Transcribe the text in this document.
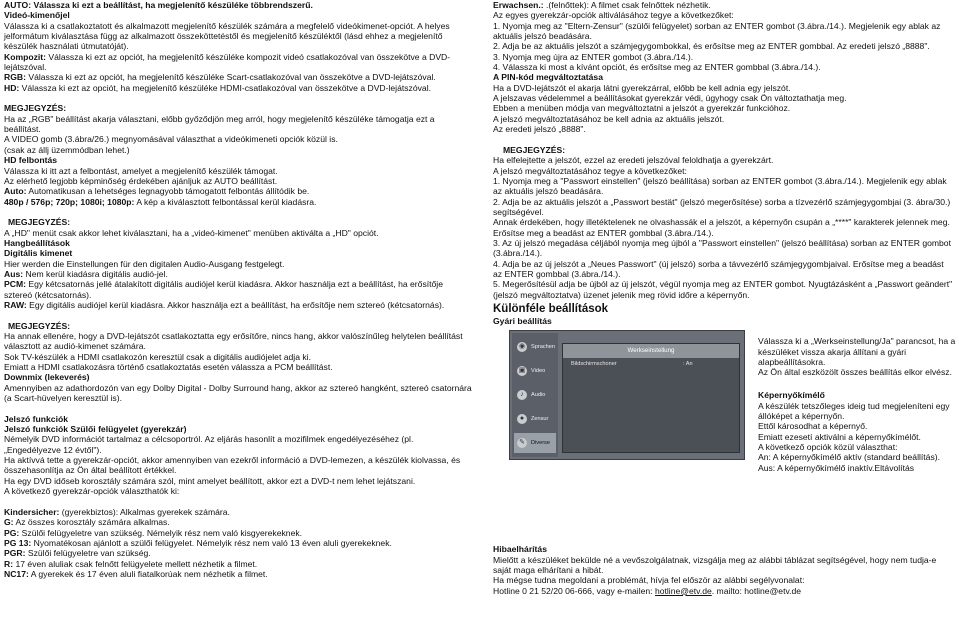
AUTO: Válassza ki ezt a beállítást, ha megjelenítő készüléke többrendszerű.

Videó-kimenőjel

Válassza ki a csatlakoztatott és alkalmazott megjelenítő készülék számára a megfelelő videókimenet-opciót. A helyes jelformátum kiválasztása függ az alkalmazott összeköttetéstől és megjelenítő készüléktől (lásd ehhez a megjelenítő készülék használati útmutatóját).

Kompozit: Válassza ki ezt az opciót, ha megjelenítő készüléke kompozit videó csatlakozóval van összekötve a DVD-lejátszóval.

RGB: Válassza ki ezt az opciót, ha megjelenítő készüléke Scart-csatlakozóval van összekötve a DVD-lejátszóval.

HD: Válassza ki ezt az opciót, ha megjelenítő készüléke HDMI-csatlakozóval van összekötve a DVD-lejátszóval.

MEGJEGYZÉS:

Ha az „RGB" beállítást akarja választani, előbb győződjön meg arról, hogy megjelenítő készüléke támogatja ezt a beállítást.

A VIDEO gomb (3.ábra/26.) megnyomásával választhat a videókimeneti opciók közül is.

(csak az állj üzemmódban lehet.)

HD felbontás

Válassza ki itt azt a felbontást, amelyet a megjelenítő készülék támogat.

Az elérhető legjobb képminőség érdekében ajánljuk az AUTO beállítást.

Auto: Automatikusan a lehetséges legnagyobb támogatott felbontás állítódik be.

480p / 576p; 720p; 1080i; 1080p: A kép a kiválasztott felbontással kerül kiadásra.

MEGJEGYZÉS:

A „HD" menüt csak akkor lehet kiválasztani, ha a „videó-kimenet" menüben aktiválta a „HD" opciót.

Hangbeállítások

Digitális kimenet

Hier werden die Einstellungen für den digitalen Audio-Ausgang festgelegt.

Aus: Nem kerül kiadásra digitális audió-jel.

PCM: Egy kétcsatornás jellé átalakított digitális audiójel kerül kiadásra. Akkor használja ezt a beállítást, ha erősítője sztereó (kétcsatornás).

RAW: Egy digitális audiójel kerül kiadásra. Akkor használja ezt a beállítást, ha erősítője nem sztereó (kétcsatornás).

MEGJEGYZÉS:

Ha annak ellenére, hogy a DVD-lejátszót csatlakoztatta egy erősítőre, nincs hang, akkor valószínűleg helytelen beállítást választott az audió-kimenet számára.

Sok TV-készülék a HDMI csatlakozón keresztül csak a digitális audiójelet adja ki.

Emiatt a HDMI csatlakozásra történő csatlakoztatás esetén válassza a PCM beállítást.

Downmix (lekeverés)

Amennyiben az adathordozón van egy Dolby Digital - Dolby Surround hang, akkor az sztereó hangként, sztereó csatornára (a Scart-hüvelyen keresztül is).

Jelszó funkciók

Jelszó funkciók Szülői felügyelet (gyerekzár)

Némelyik DVD információt tartalmaz a célcsoportról. Az eljárás hasonlít a mozifilmek engedélyezéséhez (pl. „Engedélyezve 12 évtől").

Ha aktívvá tette a gyerekzár-opciót, akkor amennyiben van ezekről információ a DVD-lemezen, a készülék kiolvassa, és összehasonlítja az Ön által beállított értékkel.

Ha egy DVD időseb korosztály számára szól, mint amelyet beállított, akkor ezt a DVD-t nem lehet lejátszani.

A következő gyerekzár-opciók választhatók ki:

Kindersicher: (gyerekbiztos): Alkalmas gyerekek számára.

G: Az összes korosztály számára alkalmas.

PG: Szülői felügyeletre van szükség. Némelyik rész nem való kisgyerekeknek.

PG 13: Nyomatékosan ajánlott a szülői felügyelet. Némelyik rész nem való 13 éven aluli gyerekeknek.

PGR: Szülői felügyeletre van szükség.

R: 17 éven aluliak csak felnőtt felügyelete mellett nézhetik a filmet.

NC17: A gyerekek és 17 éven aluli fiatalkorúak nem nézhetik a filmet.

Erwachsen.: .(felnőttek): A filmet csak felnőttek nézhetik.

Az egyes gyerekzár-opciók altiválásához tegye a következőket:

1. Nyomja meg az "Eltern-Zensur" (szülői felügyelet) sorban az ENTER gombot (3.ábra./14.). Megjelenik egy ablak az aktuális jelszó beadására.

2. Adja be az aktuális jelszót a számjegygombokkal, és erősítse meg az ENTER gombbal. Az eredeti jelszó „8888".

3. Nyomja meg újra az ENTER gombot (3.ábra./14.).

4. Válassza ki most a kívánt opciót, és erősítse meg az ENTER gombbal (3.ábra./14.).

A PIN-kód megváltoztatása

Ha a DVD-lejátszót el akarja látni gyerekzárral, előbb be kell adnia egy jelszót.

A jelszavas védelemmel a beállításokat gyerekzár védi, úgyhogy csak Ön változtathatja meg.

Ebben a menüben módja van megváltoztatni a jelszót a gyerekzár funkcióhoz.

A jelszó megváltoztatásához be kell adnia az aktuális jelszót.

Az eredeti jelszó „8888".

MEGJEGYZÉS:

Ha elfelejtette a jelszót, ezzel az eredeti jelszóval feloldhatja a gyerekzárt.

A jelszó megváltoztatásához tegye a következőket:

1. Nyomja meg a "Passwort einstellen" (jelszó beállítása) sorban az ENTER gombot (3.ábra./14.). Megjelenik egy ablak az aktuális jelszó beadására.

2. Adja be az aktuális jelszót a „Passwort bestät" (jelszó megerősítése) sorba a tízvezérlő számjegygombjai (3. ábra/30.) segítségével.

Annak érdekében, hogy illetéktelenek ne olvashassák el a jelszót, a képernyőn csupán a „****" karakterek jelennek meg.

Erősítse meg a beadást az ENTER gombbal (3.ábra./14.).

3. Az új jelszó megadása céljából nyomja meg újból a "Passwort einstellen" (jelszó beállítása) sorban az ENTER gombot (3.ábra./14.).

4. Adja be az új jelszót a „Neues Passwort" (új jelszó) sorba a távvezérlő számjegygombjaival. Erősítse meg a beadást az ENTER gombbal (3.ábra./14.).

5. Megerősítésül adja be újból az új jelszót, végül nyomja meg az ENTER gombot. Nyugtázásként a „Passwort geändert" (jelszó megváltoztatva) üzenet jelenik meg rövid időre a képernyőn.

Különféle beállítások

Gyári beállítás

◉	Sprachen
▣	Video
♪	Audio
●	Zensur
✎	Diverse
Werkseinstellung
Bildschirmschoner	: An

Válassza ki a „Werkseinstellung/Ja" parancsot, ha a készüléket vissza akarja állítani a gyári alapbeállításokra.

Az Ön által eszközölt összes beállítás elkor elvész.

Képernyőkímélő

A készülék tetszőleges ideig tud megjeleníteni egy állóképet a képernyőn.

Ettől károsodhat a képernyő.

Emiatt ezesetí aktiválni a képernyőkímélőt.

A következő opciók közül választhat:

An: A képernyőkímélő aktív (standard beállítás).

Aus: A képernyőkímélő inaktív.Eltávolítás

Hibaelhárítás

Mielőtt a készüléket bekülde né a vevőszolgálatnak, vizsgálja meg az alábbi táblázat segítségével, hogy nem tudja-e saját maga elhárítani a hibát.

Ha mégse tudna megoldani a problémát, hívja fel először az alábbi segélyvonalat:

Hotline 0 21 52/20 06-666, vagy e-mailen: hotline@etv.de. mailto: hotline@etv.de
